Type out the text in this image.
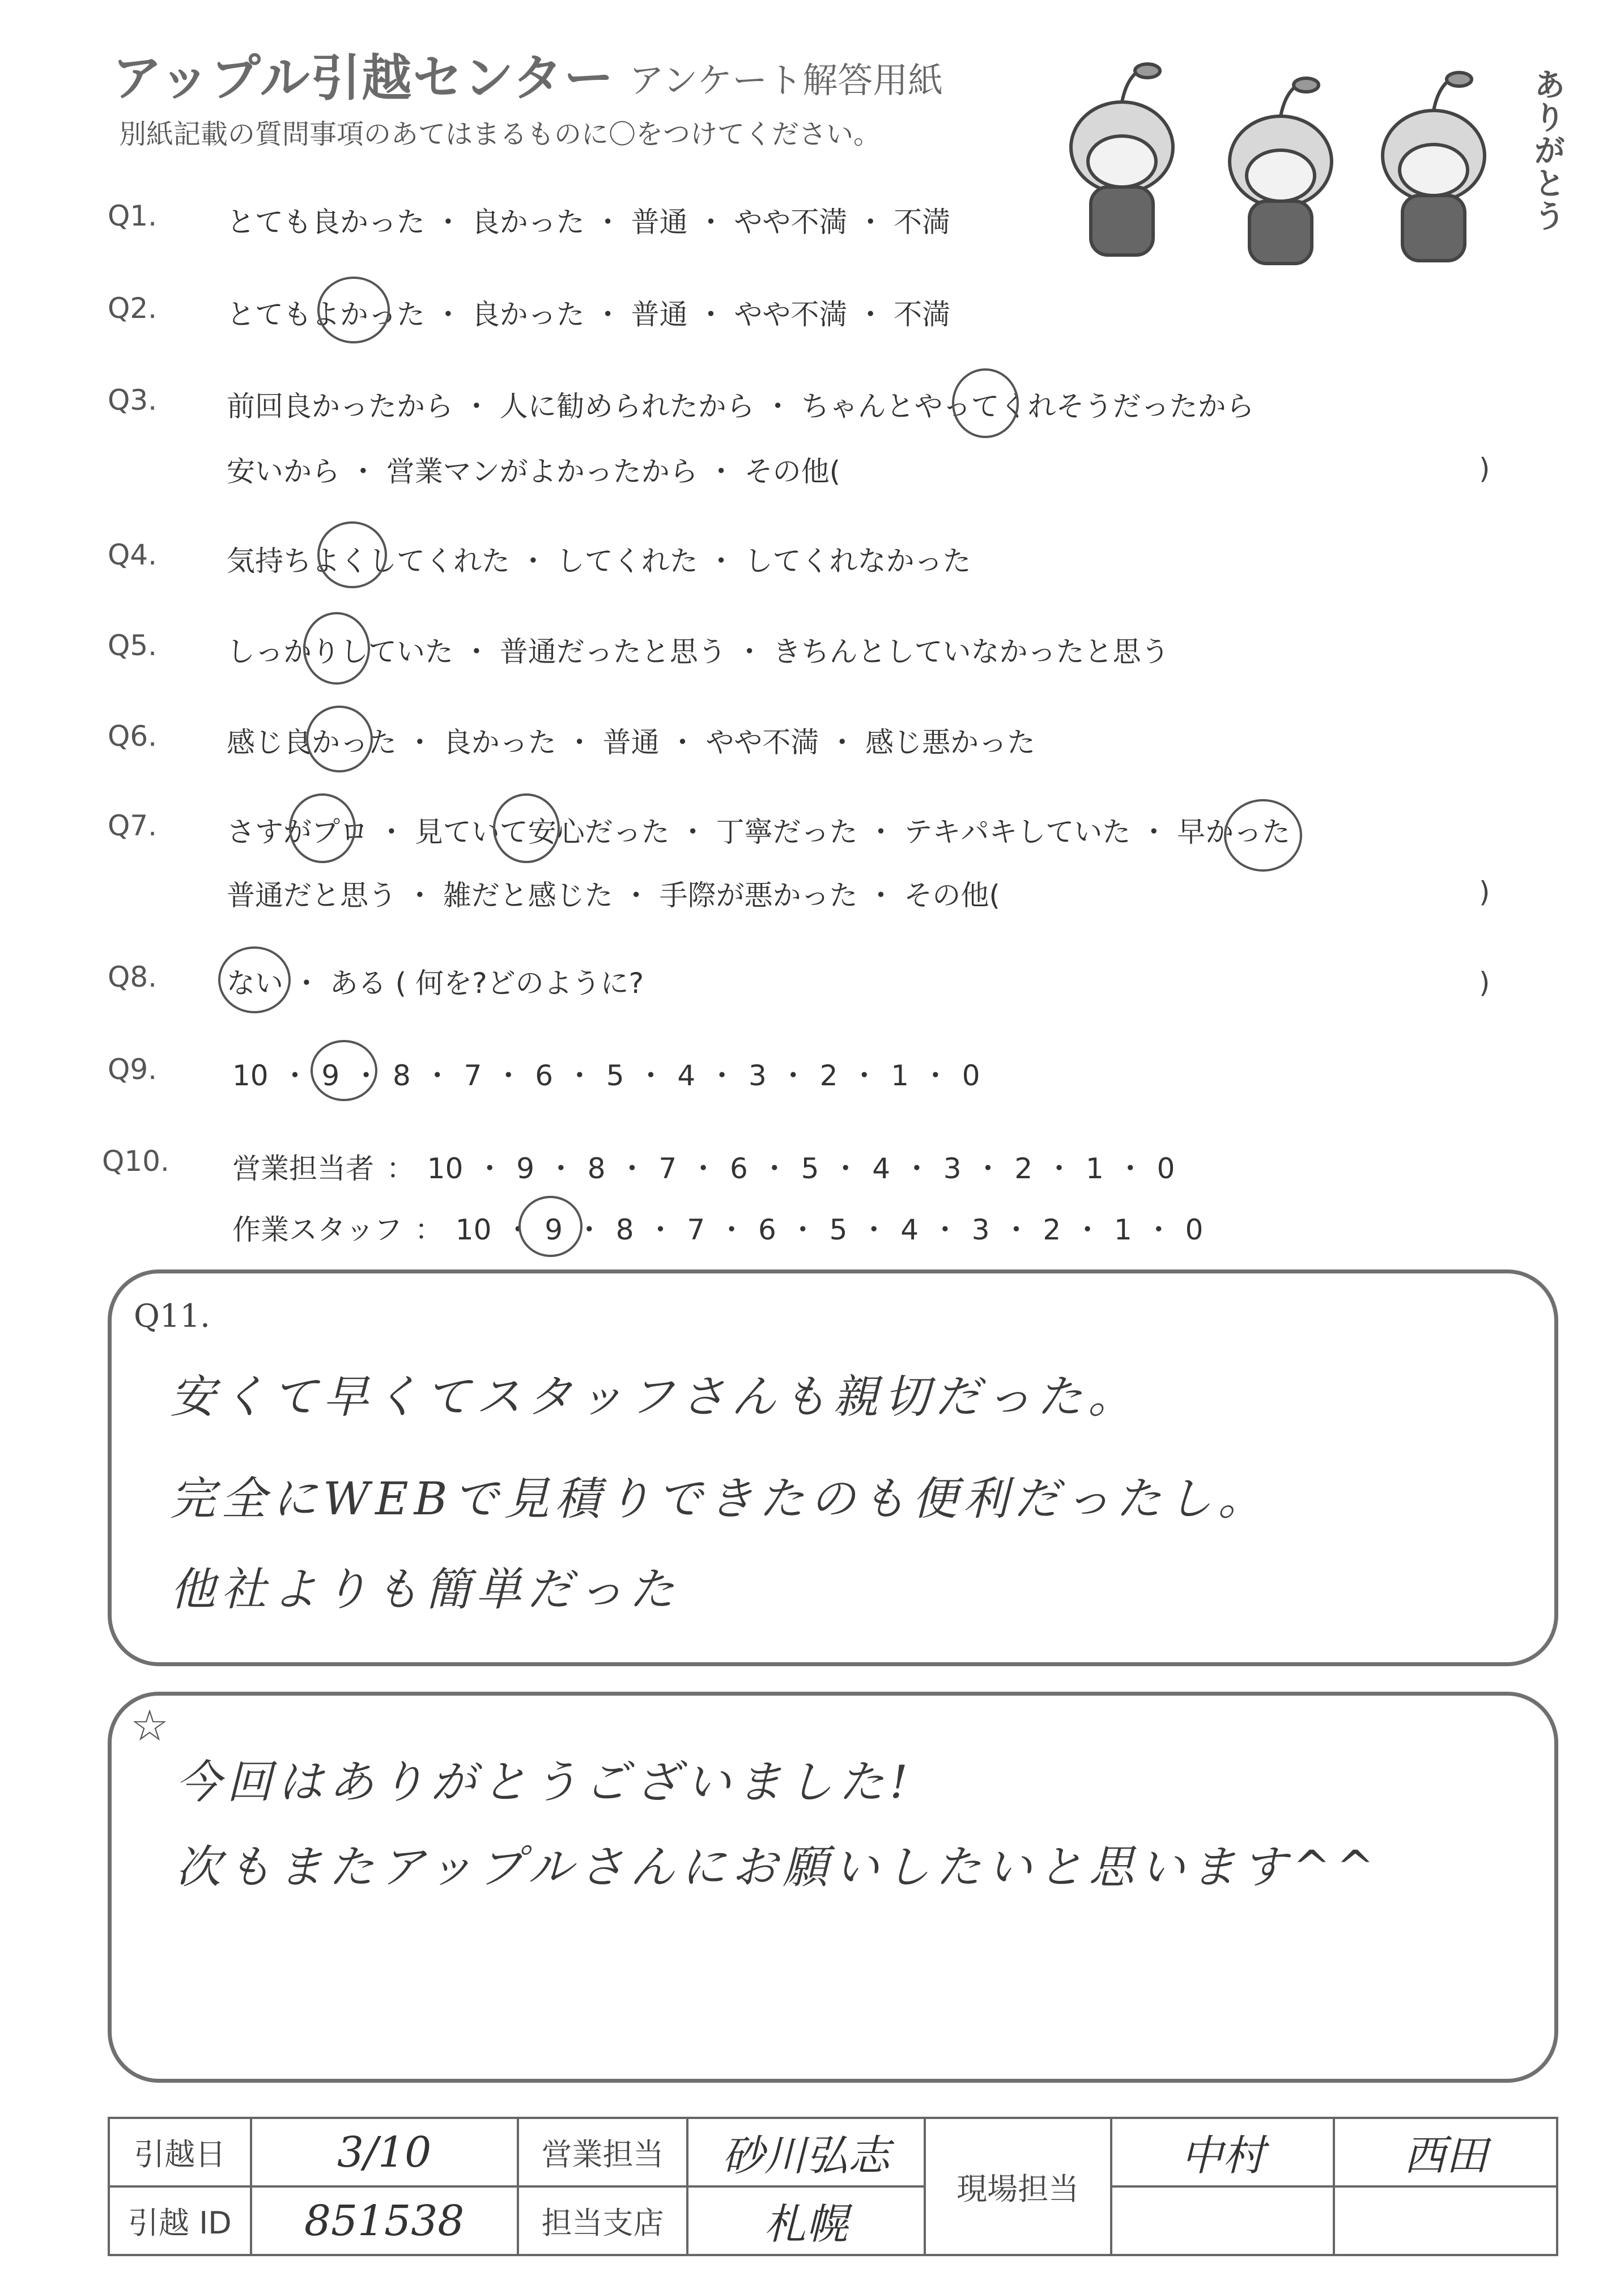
アップル引越センター アンケート解答用紙
別紙記載の質問事項のあてはまるものに〇をつけてください。	ありがとう
Q1. とても良かった ・ 良かった ・ 普通 ・ やや不満 ・ 不満
Q2. とてもよかった ・ 良かった ・ 普通 ・ やや不満 ・ 不満
Q3. 前回良かったから ・ 人に勧められたから ・ ちゃんとやってくれそうだったから
安いから ・ 営業マンがよかったから ・ その他(	)
Q4. 気持ちよくしてくれた ・ してくれた ・ してくれなかった
Q5. しっかりしていた ・ 普通だったと思う ・ きちんとしていなかったと思う
Q6. 感じ良かった ・ 良かった ・ 普通 ・ やや不満 ・ 感じ悪かった
Q7. さすがプロ ・ 見ていて安心だった ・ 丁寧だった ・ テキパキしていた ・ 早かった
普通だと思う ・ 雑だと感じた ・ 手際が悪かった ・ その他(	)
Q8. ない ・ ある ( 何を?どのように?	)
Q9.	10 ・ 9 ・ 8 ・ 7 ・ 6 ・ 5 ・ 4 ・ 3 ・ 2 ・ 1 ・ 0
Q10. 営業担当者 ： 10 ・ 9 ・ 8 ・ 7 ・ 6 ・ 5 ・ 4 ・ 3 ・ 2 ・ 1 ・ 0
作業スタッフ ： 10 ・ 9 ・ 8 ・ 7 ・ 6 ・ 5 ・ 4 ・ 3 ・ 2 ・ 1 ・ 0
Q11.
安くて早くてスタッフさんも親切だった。
完全にWEBで見積りできたのも便利だったし。
他社よりも簡単だった
☆
今回はありがとうございました!
次もまたアップルさんにお願いしたいと思います^^
引越日	3/10	営業担当	砂川弘志	現場担当	中村	西田
引越 ID	851538	担当支店	札幌			
